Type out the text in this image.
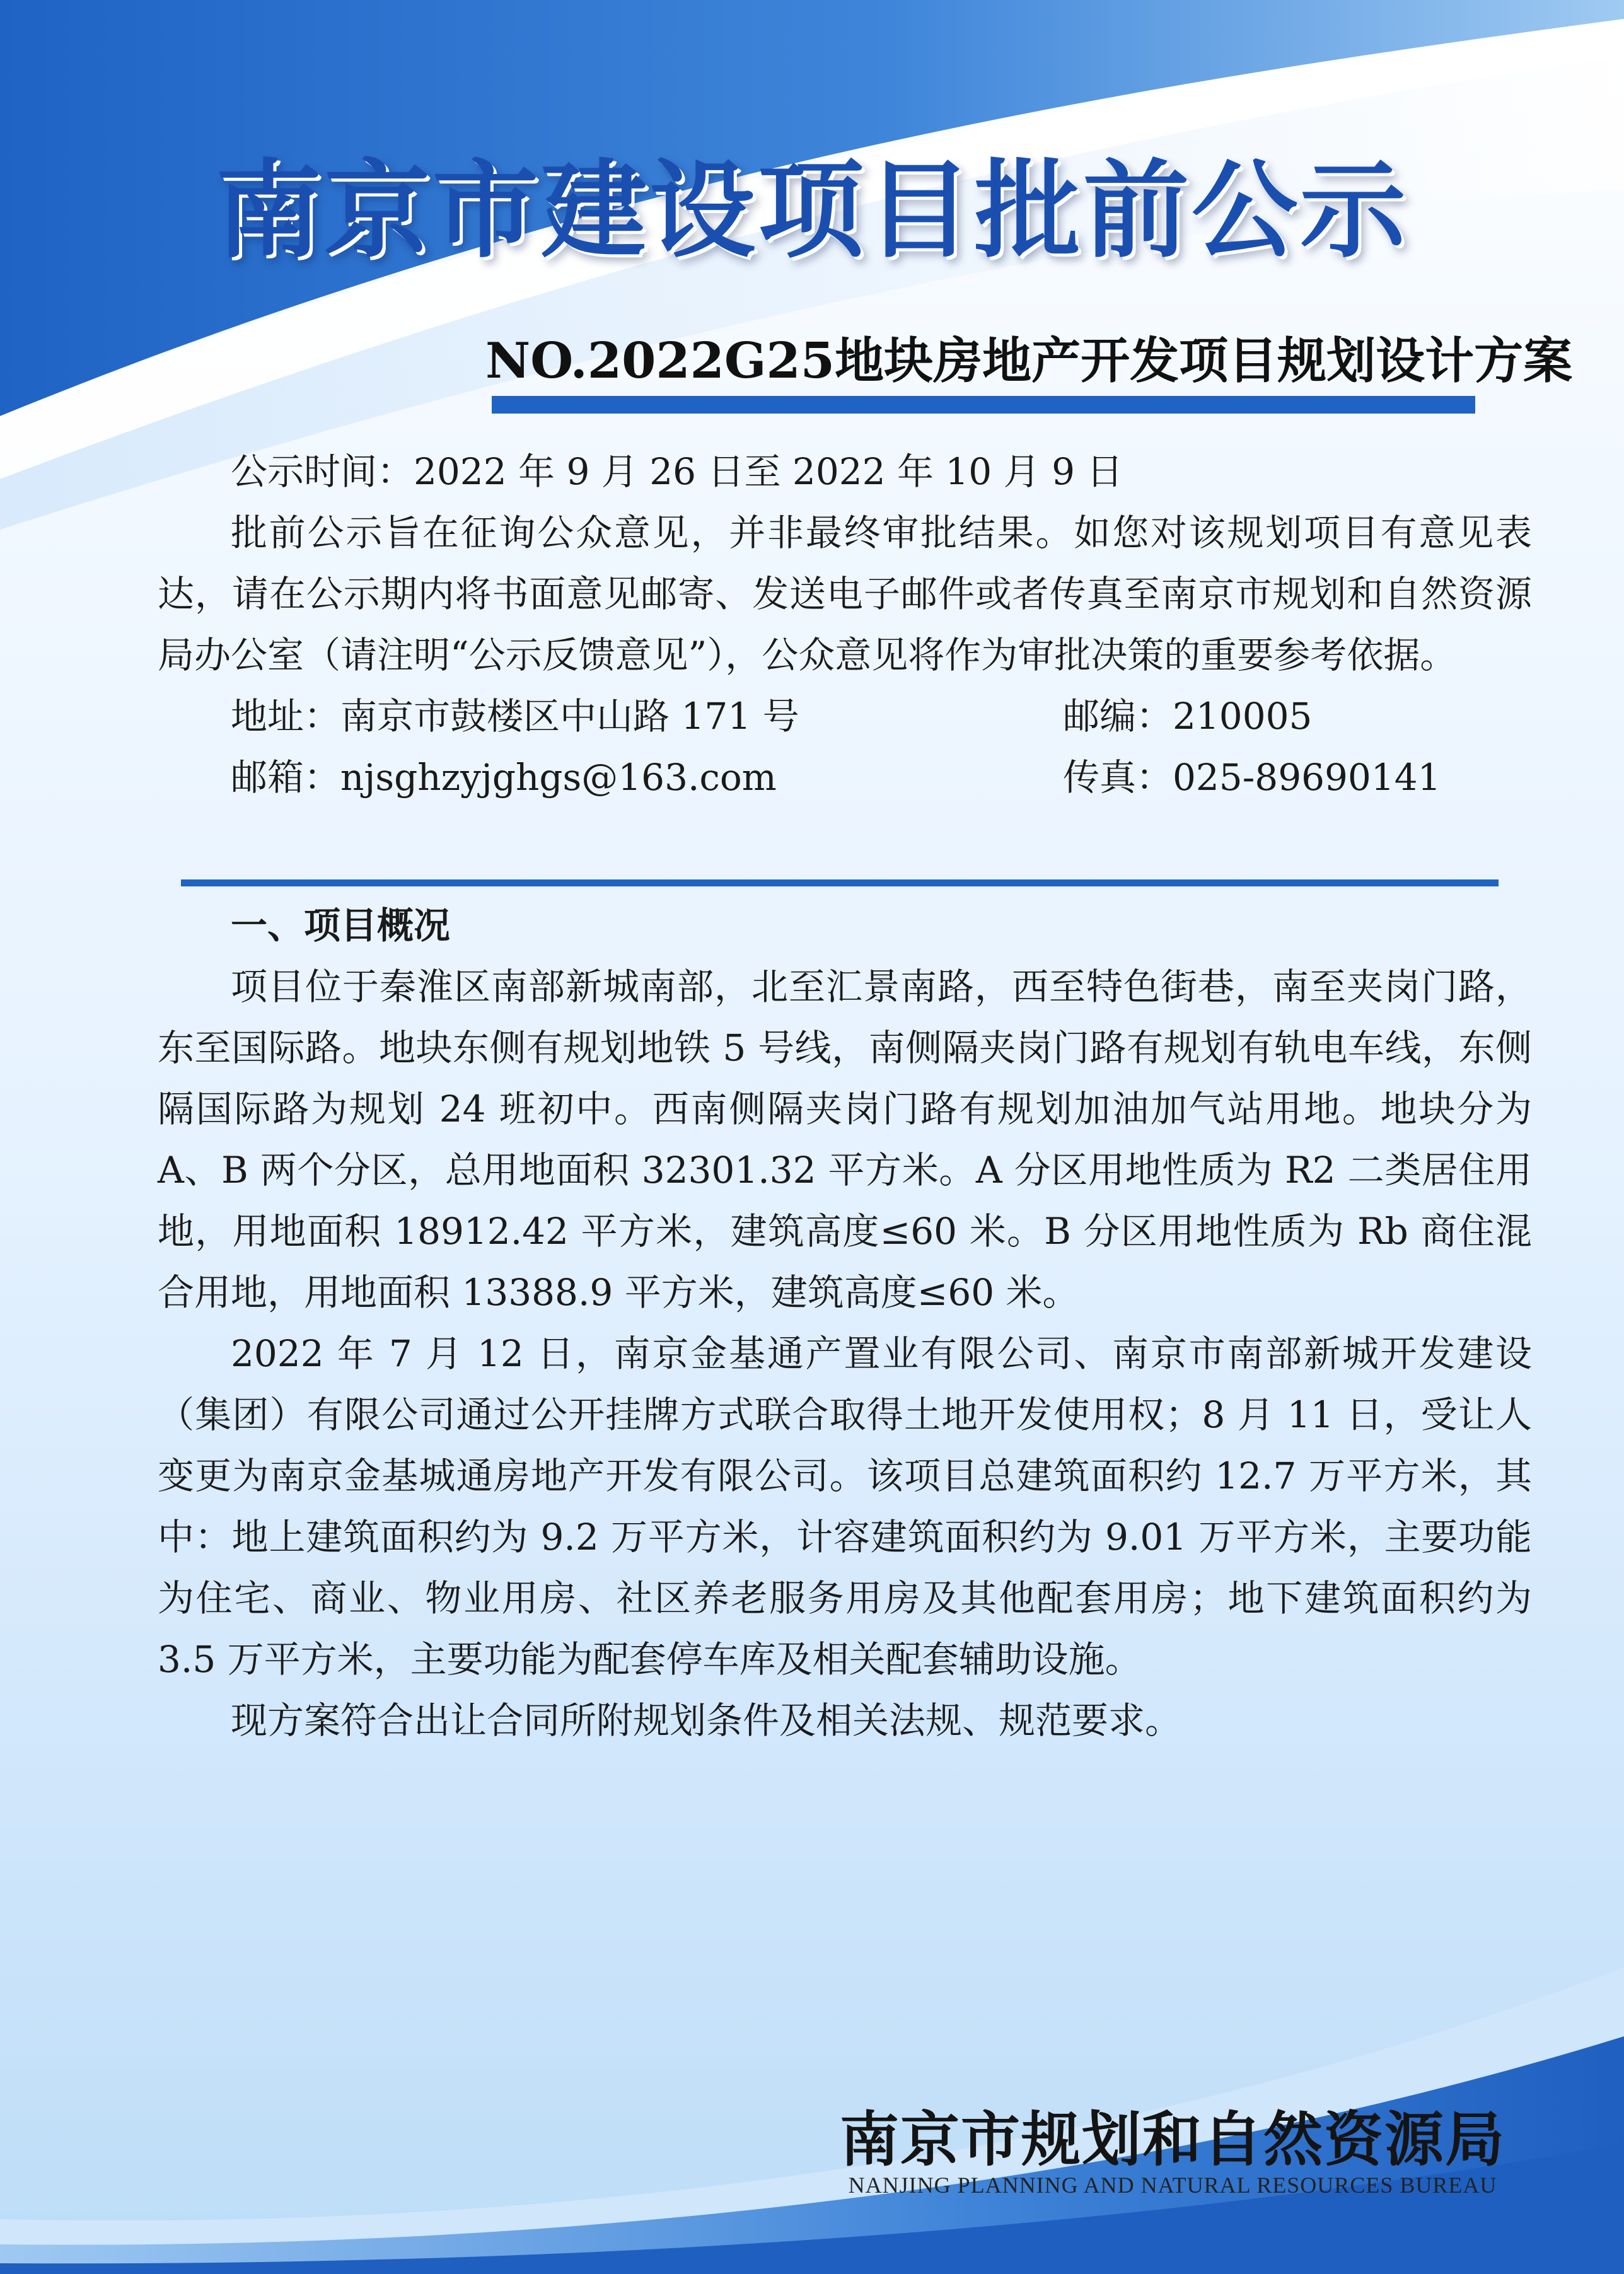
南京市建设项目批前公示
NO.2022G25地块房地产开发项目规划设计方案
公示时间：2022 年 9 月 26 日至 2022 年 10 月 9 日

批前公示旨在征询公众意见，并非最终审批结果。如您对该规划项目有意见表达，请在公示期内将书面意见邮寄、发送电子邮件或者传真至南京市规划和自然资源局办公室（请注明“公示反馈意见”），公众意见将作为审批决策的重要参考依据。

地址：南京市鼓楼区中山路 171 号	邮编：210005
邮箱：njsghzyjghgs@163.com	传真：025-89690141
一、项目概况

项目位于秦淮区南部新城南部，北至汇景南路，西至特色街巷，南至夹岗门路，东至国际路。地块东侧有规划地铁 5 号线，南侧隔夹岗门路有规划有轨电车线，东侧隔国际路为规划 24 班初中。西南侧隔夹岗门路有规划加油加气站用地。地块分为 A、B 两个分区，总用地面积 32301.32 平方米。A 分区用地性质为 R2 二类居住用地，用地面积 18912.42 平方米，建筑高度≤60 米。B 分区用地性质为 Rb 商住混合用地，用地面积 13388.9 平方米，建筑高度≤60 米。

2022 年 7 月 12 日，南京金基通产置业有限公司、南京市南部新城开发建设（集团）有限公司通过公开挂牌方式联合取得土地开发使用权；8 月 11 日，受让人变更为南京金基城通房地产开发有限公司。该项目总建筑面积约 12.7 万平方米，其中：地上建筑面积约为 9.2 万平方米，计容建筑面积约为 9.01 万平方米，主要功能为住宅、商业、物业用房、社区养老服务用房及其他配套用房；地下建筑面积约为 3.5 万平方米，主要功能为配套停车库及相关配套辅助设施。

现方案符合出让合同所附规划条件及相关法规、规范要求。

南京市规划和自然资源局
NANJING PLANNING AND NATURAL RESOURCES BUREAU
